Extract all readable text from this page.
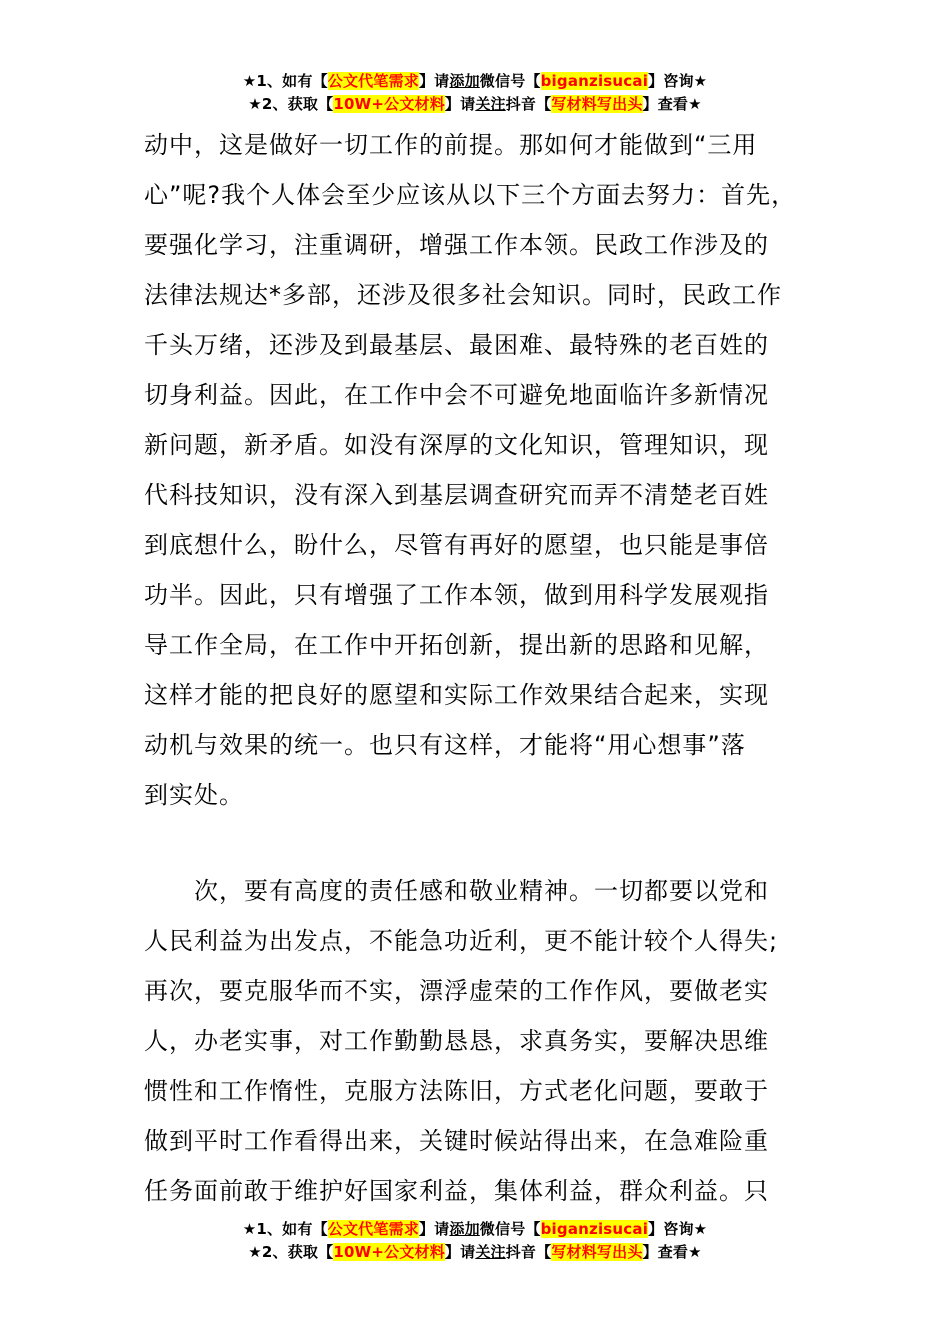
★1、如有【公文代笔需求】请添加微信号【biganzisucai】咨询★
★2、获取【10W+公文材料】请关注抖音【写材料写出头】查看★
动中，这是做好一切工作的前提。那如何才能做到“三用
心”呢?我个人体会至少应该从以下三个方面去努力：首先，
要强化学习，注重调研，增强工作本领。民政工作涉及的
法律法规达*多部，还涉及很多社会知识。同时，民政工作
千头万绪，还涉及到最基层、最困难、最特殊的老百姓的
切身利益。因此，在工作中会不可避免地面临许多新情况
新问题，新矛盾。如没有深厚的文化知识，管理知识，现
代科技知识，没有深入到基层调查研究而弄不清楚老百姓
到底想什么，盼什么，尽管有再好的愿望，也只能是事倍
功半。因此，只有增强了工作本领，做到用科学发展观指
导工作全局，在工作中开拓创新，提出新的思路和见解，
这样才能的把良好的愿望和实际工作效果结合起来，实现
动机与效果的统一。也只有这样，才能将“用心想事”落
到实处。
　　次，要有高度的责任感和敬业精神。一切都要以党和
人民利益为出发点，不能急功近利，更不能计较个人得失;
再次，要克服华而不实，漂浮虚荣的工作作风，要做老实
人，办老实事，对工作勤勤恳恳，求真务实，要解决思维
惯性和工作惰性，克服方法陈旧，方式老化问题，要敢于
做到平时工作看得出来，关键时候站得出来，在急难险重
任务面前敢于维护好国家利益，集体利益，群众利益。只
★1、如有【公文代笔需求】请添加微信号【biganzisucai】咨询★
★2、获取【10W+公文材料】请关注抖音【写材料写出头】查看★
